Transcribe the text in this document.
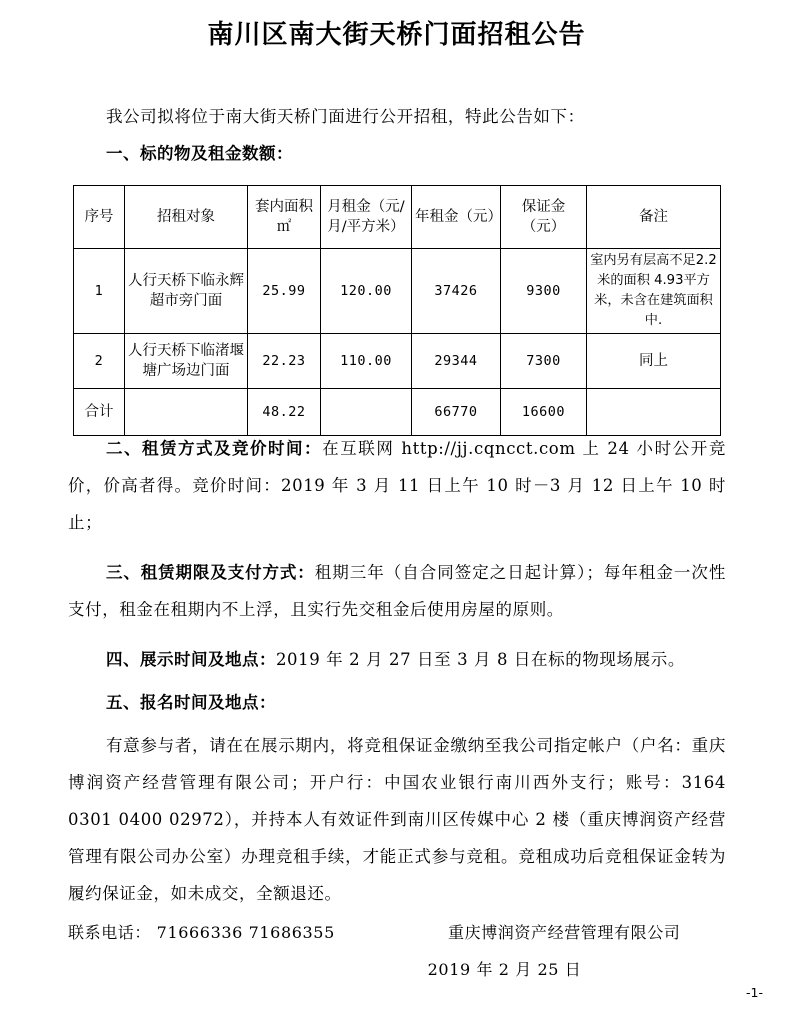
南川区南大街天桥门面招租公告

我公司拟将位于南大街天桥门面进行公开招租，特此公告如下：

一、标的物及租金数额：

序号	招租对象	套内面积㎡	月租金（元/月/平方米）	年租金（元）	保证金（元）	备注
1	人行天桥下临永辉超市旁门面	25.99	120.00	37426	9300	室内另有层高不足2.2米的面积 4.93平方米，未含在建筑面积中.
2	人行天桥下临渚堰塘广场边门面	22.23	110.00	29344	7300	同上
合计		48.22		66770	16600	

二、租赁方式及竞价时间：在互联网 http://jj.cqncct.com 上 24 小时公开竞价，价高者得。竞价时间：2019 年 3 月 11 日上午 10 时－3 月 12 日上午 10 时止；

三、租赁期限及支付方式：租期三年（自合同签定之日起计算）；每年租金一次性支付，租金在租期内不上浮，且实行先交租金后使用房屋的原则。

四、展示时间及地点：2019 年 2 月 27 日至 3 月 8 日在标的物现场展示。

五、报名时间及地点：

有意参与者，请在在展示期内，将竞租保证金缴纳至我公司指定帐户（户名：重庆博润资产经营管理有限公司；开户行：中国农业银行南川西外支行；账号：3164 0301 0400 02972），并持本人有效证件到南川区传媒中心 2 楼（重庆博润资产经营管理有限公司办公室）办理竞租手续，才能正式参与竞租。竞租成功后竞租保证金转为履约保证金，如未成交，全额退还。

联系电话： 71666336 71686355	重庆博润资产经营管理有限公司
2019 年 2 月 25 日
-1-
